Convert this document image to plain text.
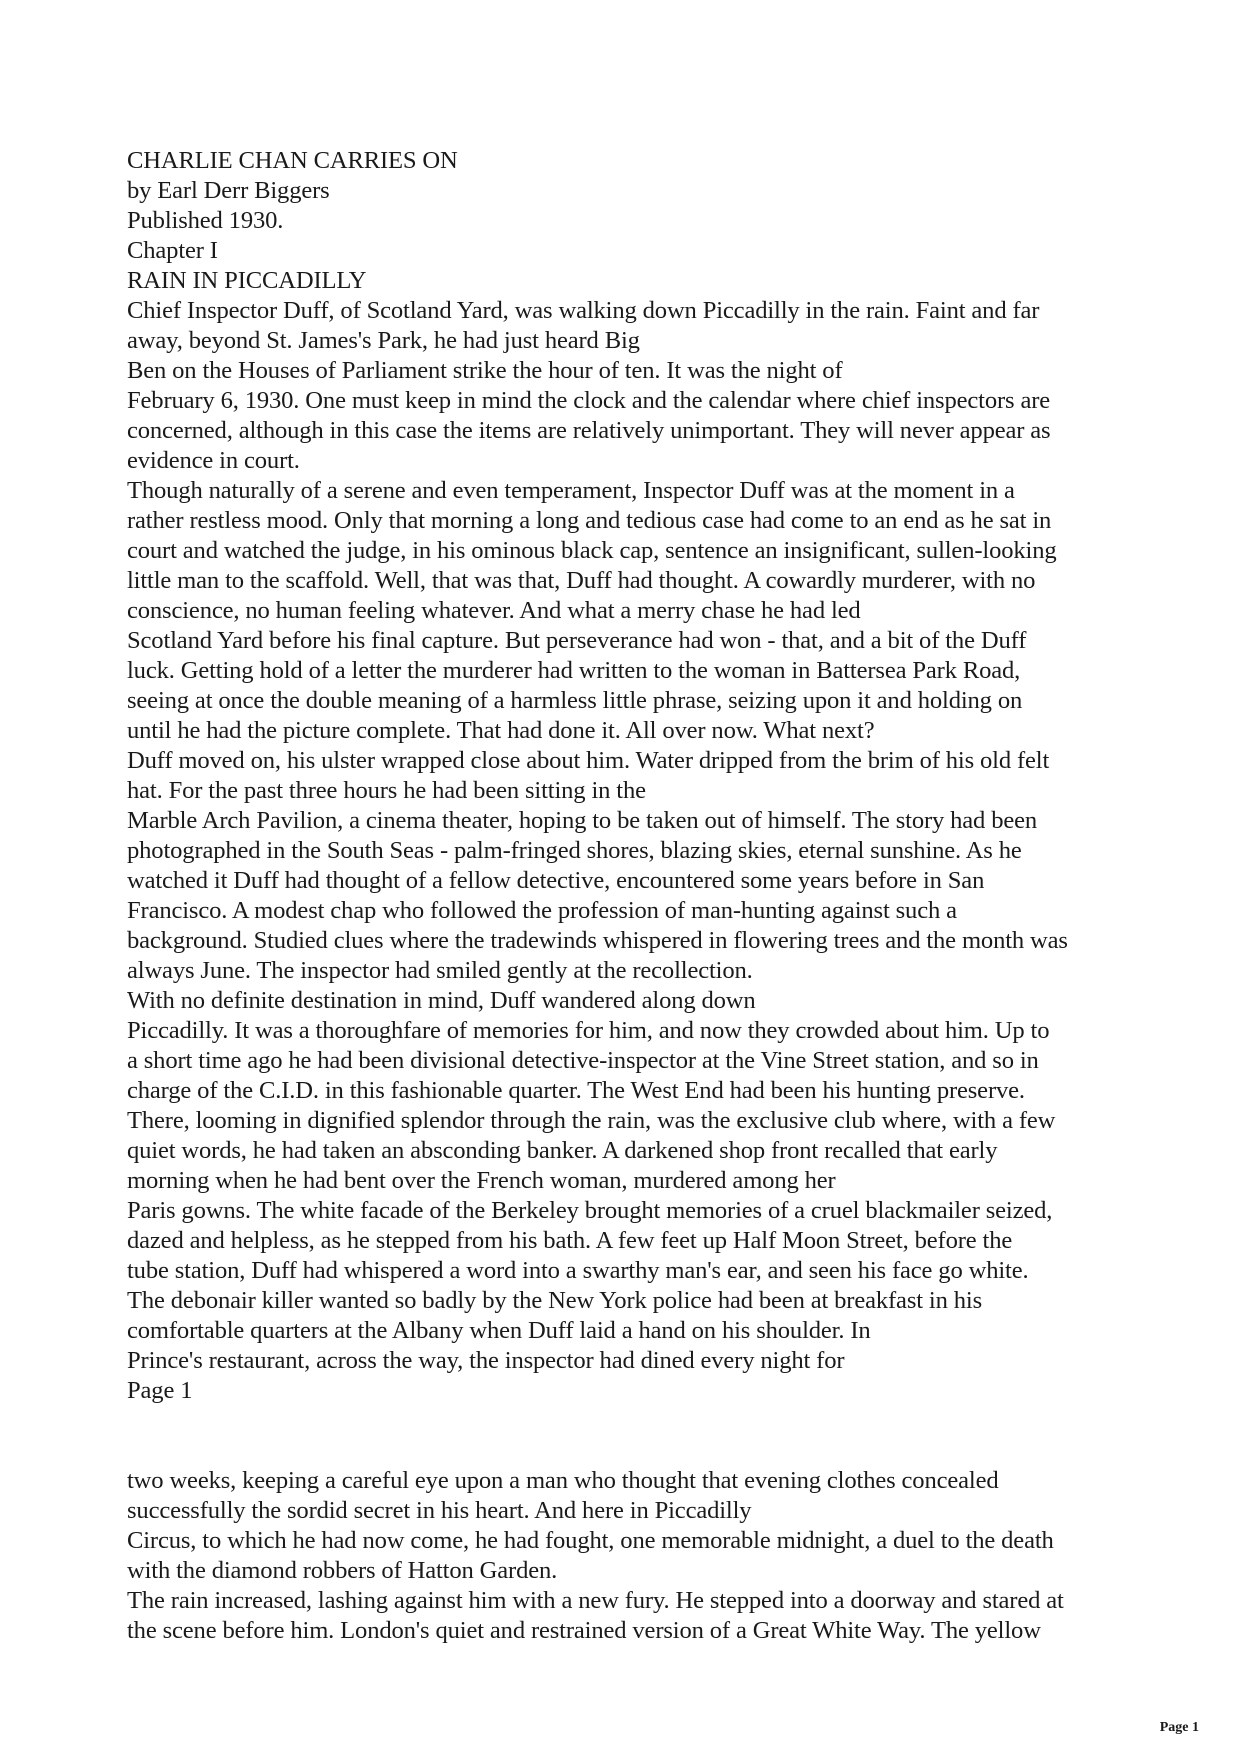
CHARLIE CHAN CARRIES ON
by Earl Derr Biggers
Published 1930.
Chapter I
RAIN IN PICCADILLY
Chief Inspector Duff, of Scotland Yard, was walking down Piccadilly in the rain. Faint and far
away, beyond St. James's Park, he had just heard Big
Ben on the Houses of Parliament strike the hour of ten. It was the night of
February 6, 1930. One must keep in mind the clock and the calendar where chief inspectors are
concerned, although in this case the items are relatively unimportant. They will never appear as
evidence in court.
Though naturally of a serene and even temperament, Inspector Duff was at the moment in a
rather restless mood. Only that morning a long and tedious case had come to an end as he sat in
court and watched the judge, in his ominous black cap, sentence an insignificant, sullen-looking
little man to the scaffold. Well, that was that, Duff had thought. A cowardly murderer, with no
conscience, no human feeling whatever. And what a merry chase he had led
Scotland Yard before his final capture. But perseverance had won - that, and a bit of the Duff
luck. Getting hold of a letter the murderer had written to the woman in Battersea Park Road,
seeing at once the double meaning of a harmless little phrase, seizing upon it and holding on
until he had the picture complete. That had done it. All over now. What next?
Duff moved on, his ulster wrapped close about him. Water dripped from the brim of his old felt
hat. For the past three hours he had been sitting in the
Marble Arch Pavilion, a cinema theater, hoping to be taken out of himself. The story had been
photographed in the South Seas - palm-fringed shores, blazing skies, eternal sunshine. As he
watched it Duff had thought of a fellow detective, encountered some years before in San
Francisco. A modest chap who followed the profession of man-hunting against such a
background. Studied clues where the tradewinds whispered in flowering trees and the month was
always June. The inspector had smiled gently at the recollection.
With no definite destination in mind, Duff wandered along down
Piccadilly. It was a thoroughfare of memories for him, and now they crowded about him. Up to
a short time ago he had been divisional detective-inspector at the Vine Street station, and so in
charge of the C.I.D. in this fashionable quarter. The West End had been his hunting preserve.
There, looming in dignified splendor through the rain, was the exclusive club where, with a few
quiet words, he had taken an absconding banker. A darkened shop front recalled that early
morning when he had bent over the French woman, murdered among her
Paris gowns. The white facade of the Berkeley brought memories of a cruel blackmailer seized,
dazed and helpless, as he stepped from his bath. A few feet up Half Moon Street, before the
tube station, Duff had whispered a word into a swarthy man's ear, and seen his face go white.
The debonair killer wanted so badly by the New York police had been at breakfast in his
comfortable quarters at the Albany when Duff laid a hand on his shoulder. In
Prince's restaurant, across the way, the inspector had dined every night for
Page 1
two weeks, keeping a careful eye upon a man who thought that evening clothes concealed
successfully the sordid secret in his heart. And here in Piccadilly
Circus, to which he had now come, he had fought, one memorable midnight, a duel to the death
with the diamond robbers of Hatton Garden.
The rain increased, lashing against him with a new fury. He stepped into a doorway and stared at
the scene before him. London's quiet and restrained version of a Great White Way. The yellow
Page 1
